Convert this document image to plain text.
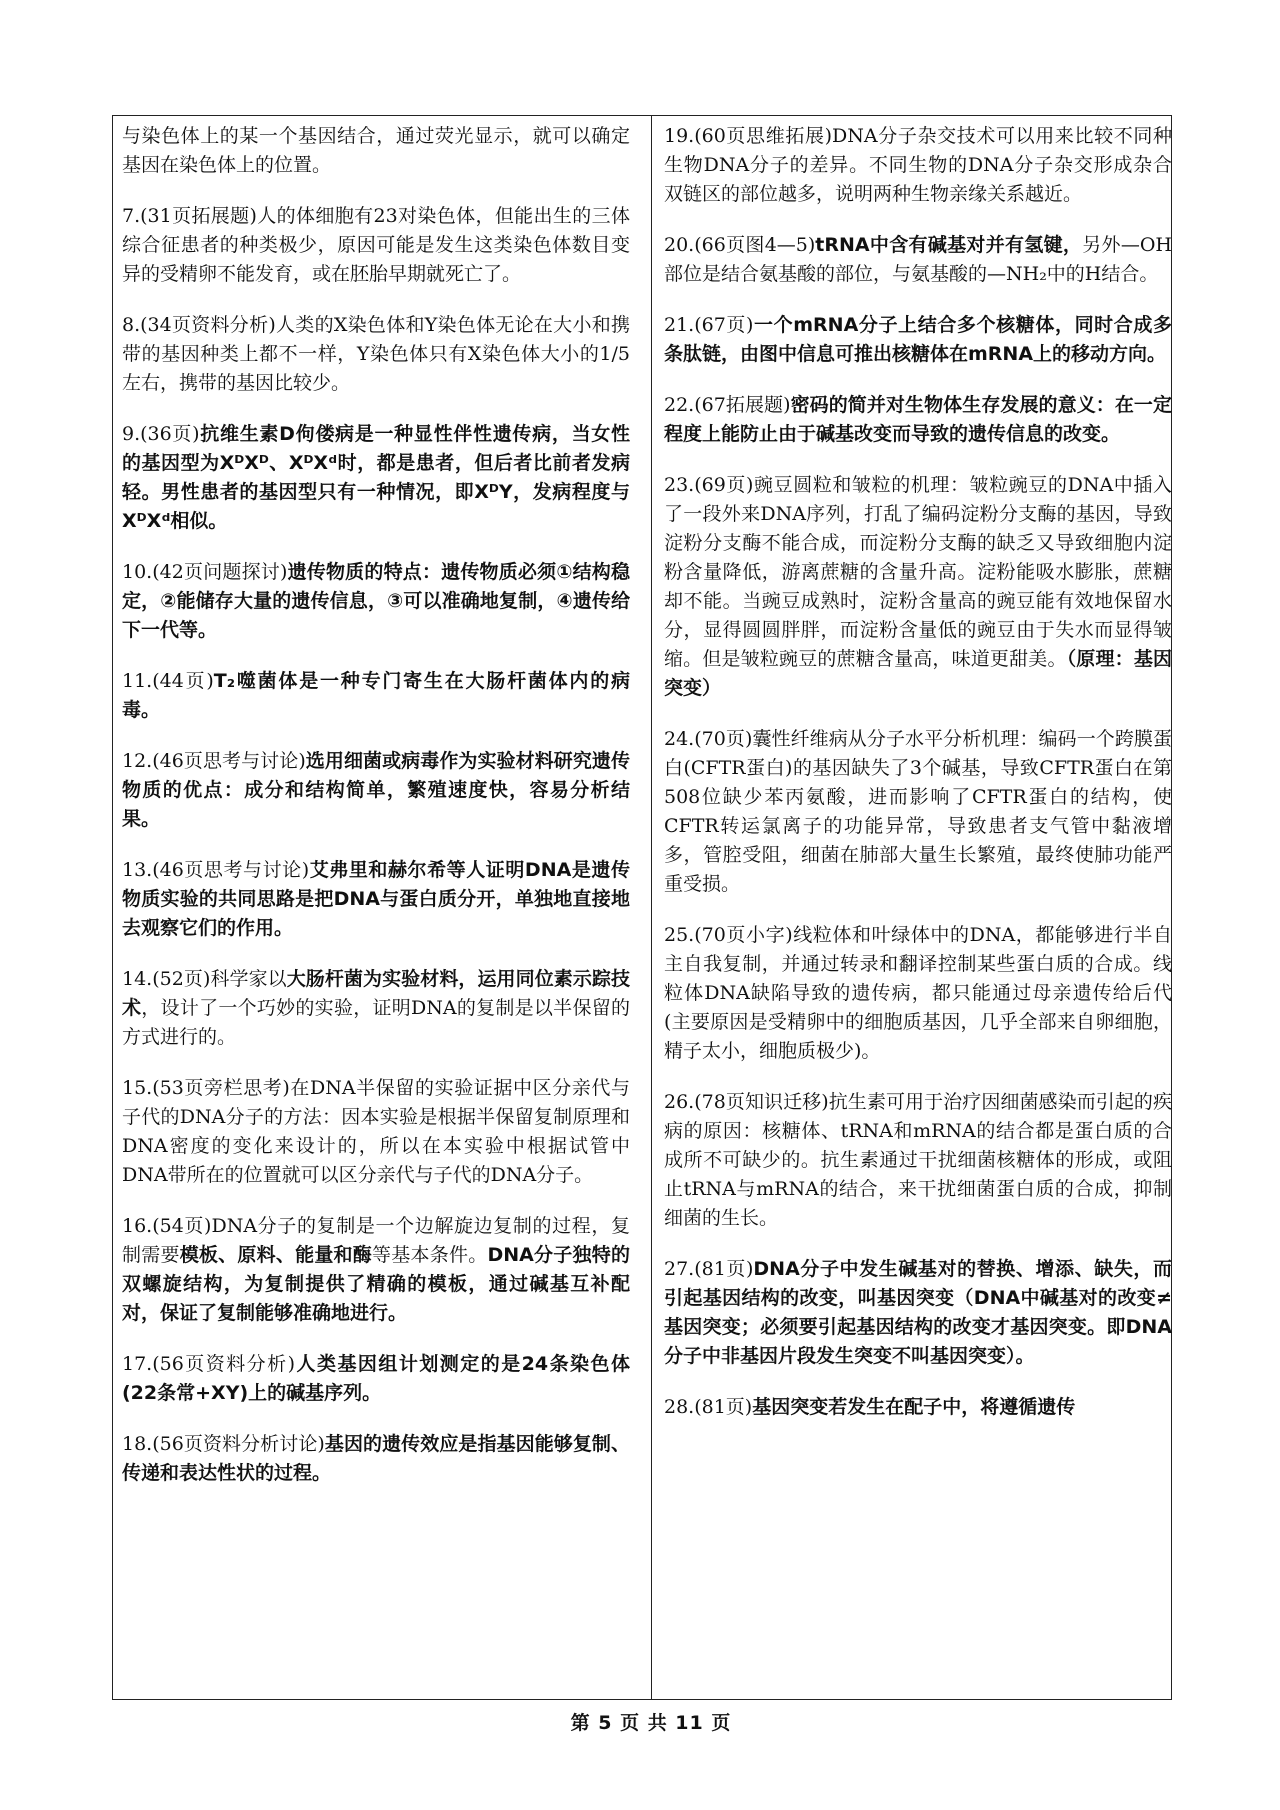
与染色体上的某一个基因结合，通过荧光显示，就可以确定基因在染色体上的位置。

7.(31页拓展题)人的体细胞有23对染色体，但能出生的三体综合征患者的种类极少，原因可能是发生这类染色体数目变异的受精卵不能发育，或在胚胎早期就死亡了。

8.(34页资料分析)人类的X染色体和Y染色体无论在大小和携带的基因种类上都不一样，Y染色体只有X染色体大小的1/5左右，携带的基因比较少。

9.(36页)抗维生素D佝偻病是一种显性伴性遗传病，当女性的基因型为XᴰXᴰ、XᴰXᵈ时，都是患者，但后者比前者发病轻。男性患者的基因型只有一种情况，即XᴰY，发病程度与XᴰXᵈ相似。

10.(42页问题探讨)遗传物质的特点：遗传物质必须①结构稳定，②能储存大量的遗传信息，③可以准确地复制，④遗传给下一代等。

11.(44页)T₂噬菌体是一种专门寄生在大肠杆菌体内的病毒。

12.(46页思考与讨论)选用细菌或病毒作为实验材料研究遗传物质的优点：成分和结构简单，繁殖速度快，容易分析结果。

13.(46页思考与讨论)艾弗里和赫尔希等人证明DNA是遗传物质实验的共同思路是把DNA与蛋白质分开，单独地直接地去观察它们的作用。

14.(52页)科学家以大肠杆菌为实验材料，运用同位素示踪技术，设计了一个巧妙的实验，证明DNA的复制是以半保留的方式进行的。

15.(53页旁栏思考)在DNA半保留的实验证据中区分亲代与子代的DNA分子的方法：因本实验是根据半保留复制原理和DNA密度的变化来设计的，所以在本实验中根据试管中DNA带所在的位置就可以区分亲代与子代的DNA分子。

16.(54页)DNA分子的复制是一个边解旋边复制的过程，复制需要模板、原料、能量和酶等基本条件。DNA分子独特的双螺旋结构，为复制提供了精确的模板，通过碱基互补配对，保证了复制能够准确地进行。

17.(56页资料分析)人类基因组计划测定的是24条染色体(22条常+XY)上的碱基序列。

18.(56页资料分析讨论)基因的遗传效应是指基因能够复制、传递和表达性状的过程。

19.(60页思维拓展)DNA分子杂交技术可以用来比较不同种生物DNA分子的差异。不同生物的DNA分子杂交形成杂合双链区的部位越多，说明两种生物亲缘关系越近。

20.(66页图4—5)tRNA中含有碱基对并有氢键，另外—OH部位是结合氨基酸的部位，与氨基酸的—NH₂中的H结合。

21.(67页)一个mRNA分子上结合多个核糖体，同时合成多条肽链，由图中信息可推出核糖体在mRNA上的移动方向。

22.(67拓展题)密码的简并对生物体生存发展的意义：在一定程度上能防止由于碱基改变而导致的遗传信息的改变。

23.(69页)豌豆圆粒和皱粒的机理：皱粒豌豆的DNA中插入了一段外来DNA序列，打乱了编码淀粉分支酶的基因，导致淀粉分支酶不能合成，而淀粉分支酶的缺乏又导致细胞内淀粉含量降低，游离蔗糖的含量升高。淀粉能吸水膨胀，蔗糖却不能。当豌豆成熟时，淀粉含量高的豌豆能有效地保留水分，显得圆圆胖胖，而淀粉含量低的豌豆由于失水而显得皱缩。但是皱粒豌豆的蔗糖含量高，味道更甜美。（原理：基因突变）

24.(70页)囊性纤维病从分子水平分析机理：编码一个跨膜蛋白(CFTR蛋白)的基因缺失了3个碱基，导致CFTR蛋白在第508位缺少苯丙氨酸，进而影响了CFTR蛋白的结构，使CFTR转运氯离子的功能异常，导致患者支气管中黏液增多，管腔受阻，细菌在肺部大量生长繁殖，最终使肺功能严重受损。

25.(70页小字)线粒体和叶绿体中的DNA，都能够进行半自主自我复制，并通过转录和翻译控制某些蛋白质的合成。线粒体DNA缺陷导致的遗传病，都只能通过母亲遗传给后代(主要原因是受精卵中的细胞质基因，几乎全部来自卵细胞，精子太小，细胞质极少)。

26.(78页知识迁移)抗生素可用于治疗因细菌感染而引起的疾病的原因：核糖体、tRNA和mRNA的结合都是蛋白质的合成所不可缺少的。抗生素通过干扰细菌核糖体的形成，或阻止tRNA与mRNA的结合，来干扰细菌蛋白质的合成，抑制细菌的生长。

27.(81页)DNA分子中发生碱基对的替换、增添、缺失，而引起基因结构的改变，叫基因突变（DNA中碱基对的改变≠基因突变；必须要引起基因结构的改变才基因突变。即DNA分子中非基因片段发生突变不叫基因突变）。

28.(81页)基因突变若发生在配子中，将遵循遗传

第 5 页 共 11 页
